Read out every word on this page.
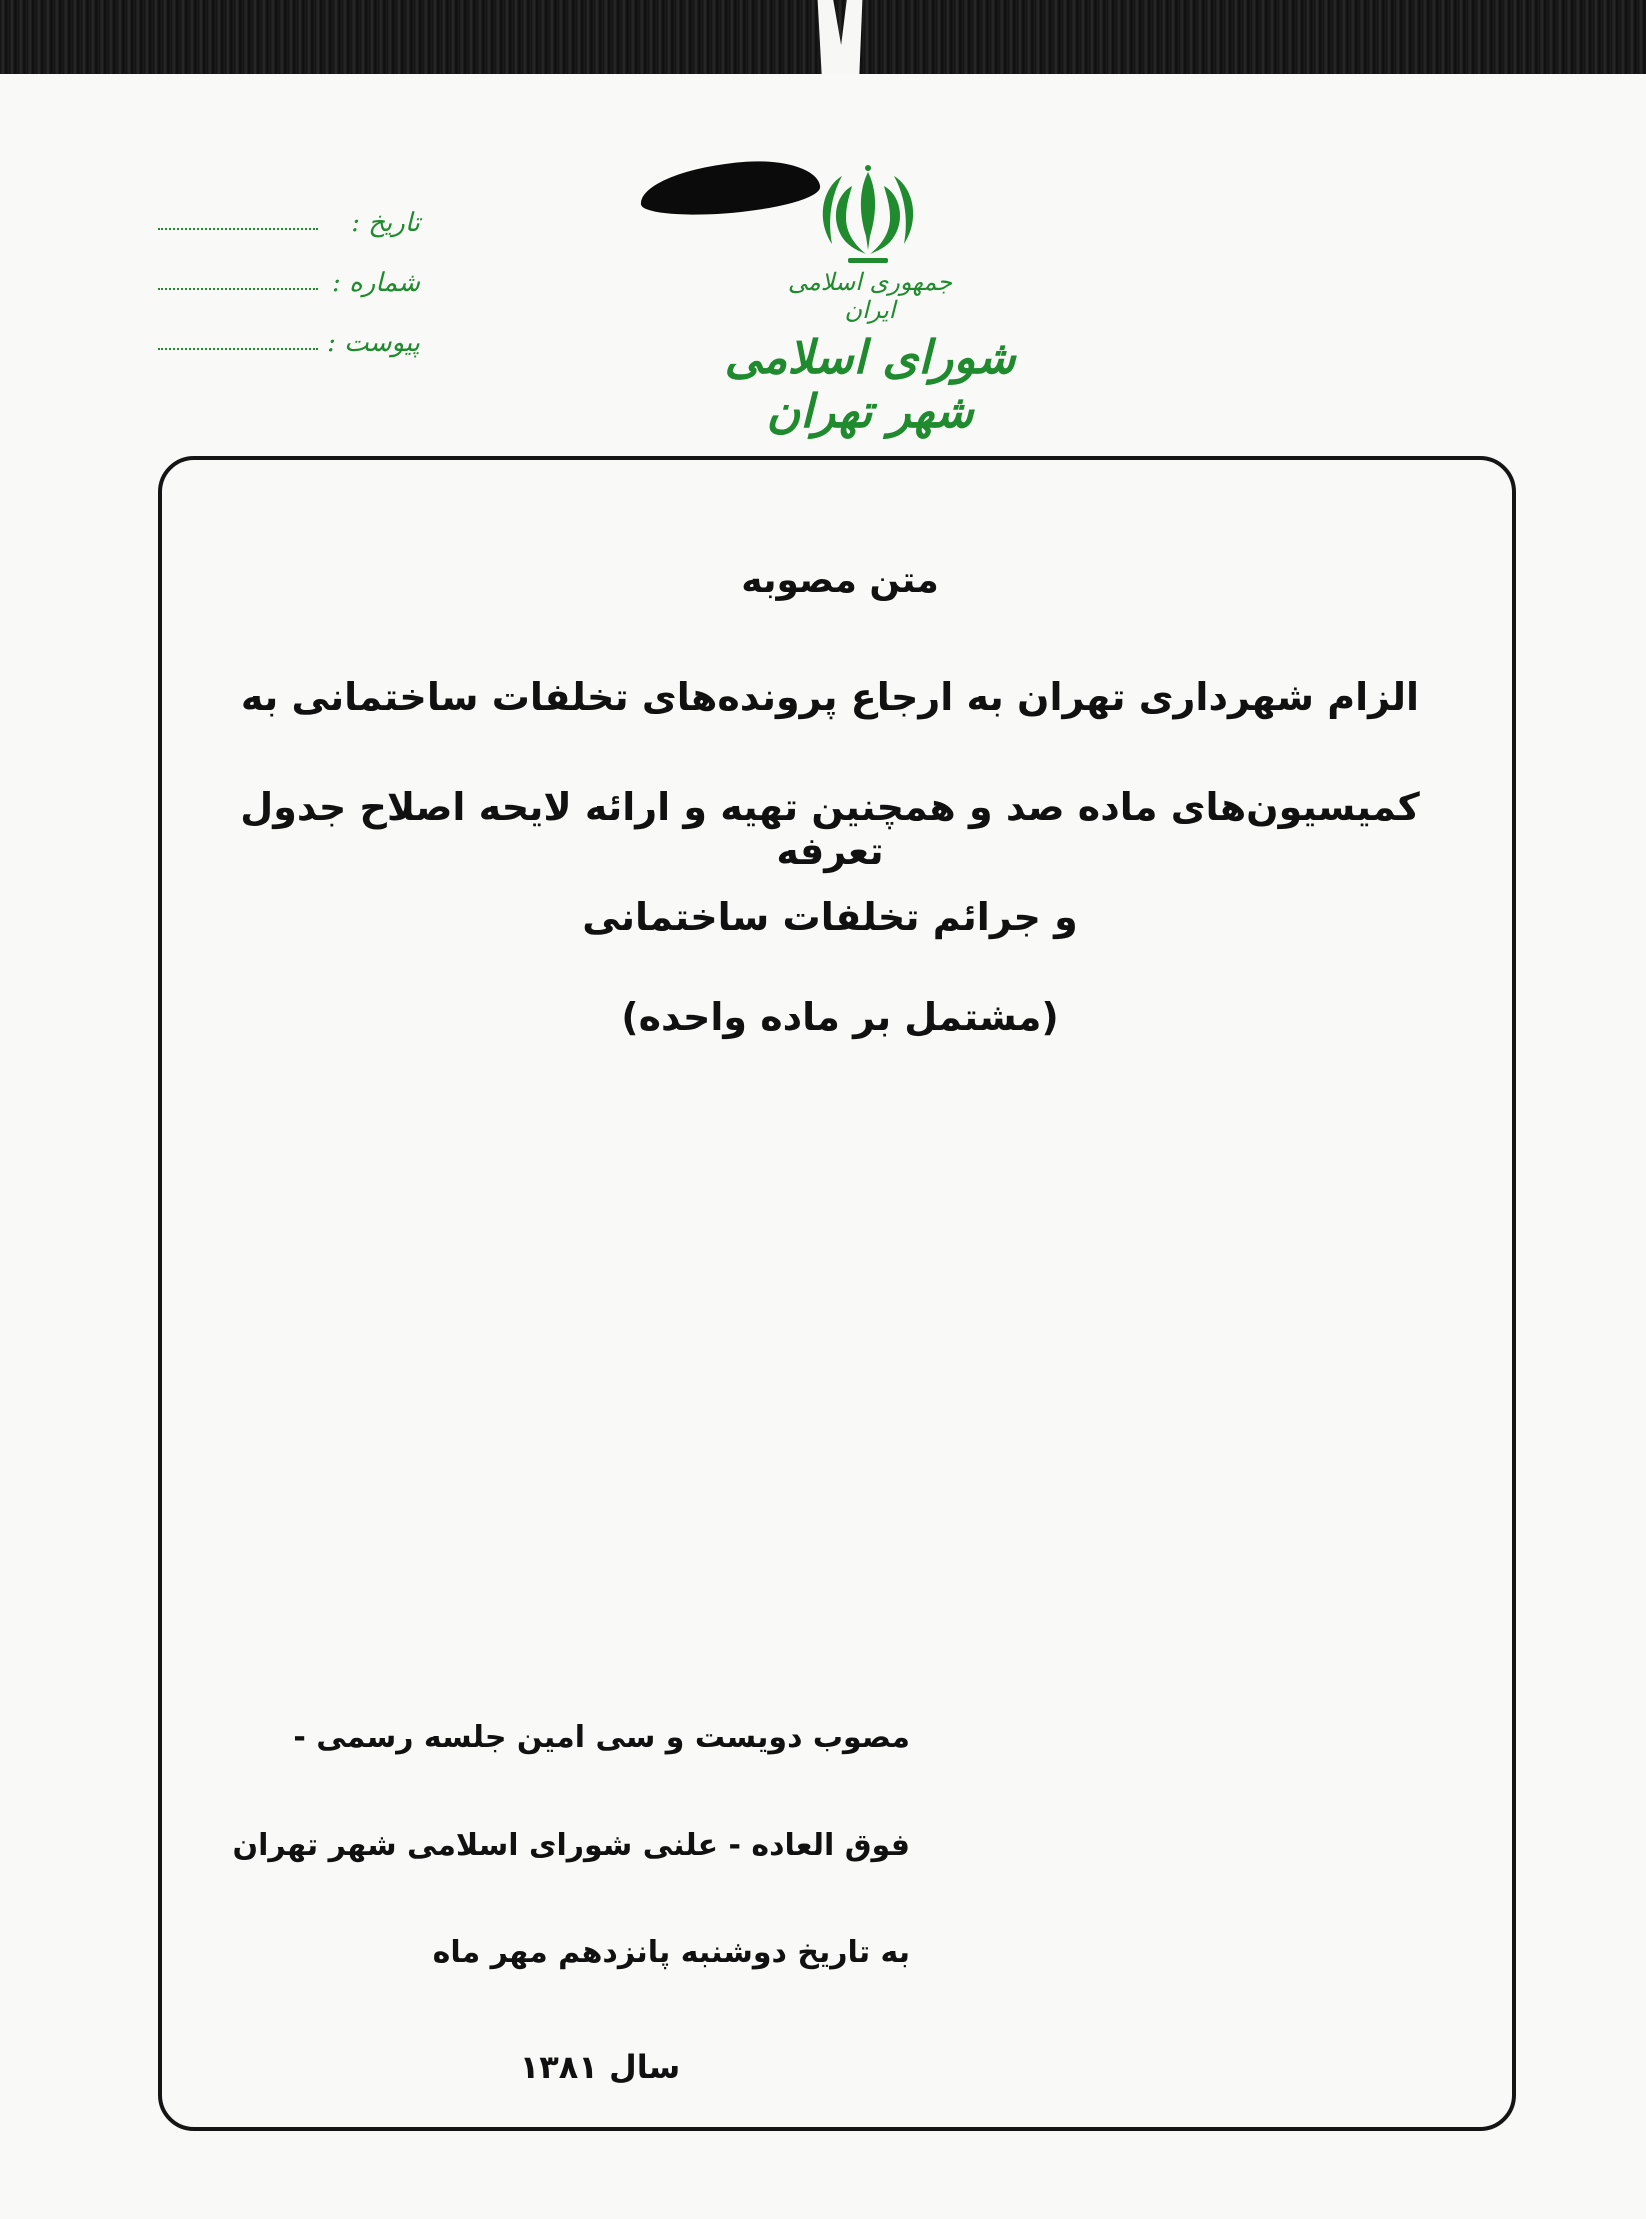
جمهوری اسلامی ایران
شورای اسلامی شهر تهران
تاریخ :
شماره :
پیوست :
متن مصوبه
الزام شهرداری تهران به ارجاع پرونده‌های تخلفات ساختمانی به
کمیسیون‌های ماده صد و همچنین تهیه و ارائه لایحه اصلاح جدول تعرفه
و جرائم تخلفات ساختمانی
(مشتمل بر ماده واحده)
مصوب دویست و سی امین جلسه رسمی -
فوق العاده - علنی شورای اسلامی شهر تهران
به تاریخ دوشنبه پانزدهم مهر ماه
سال ۱۳۸۱
